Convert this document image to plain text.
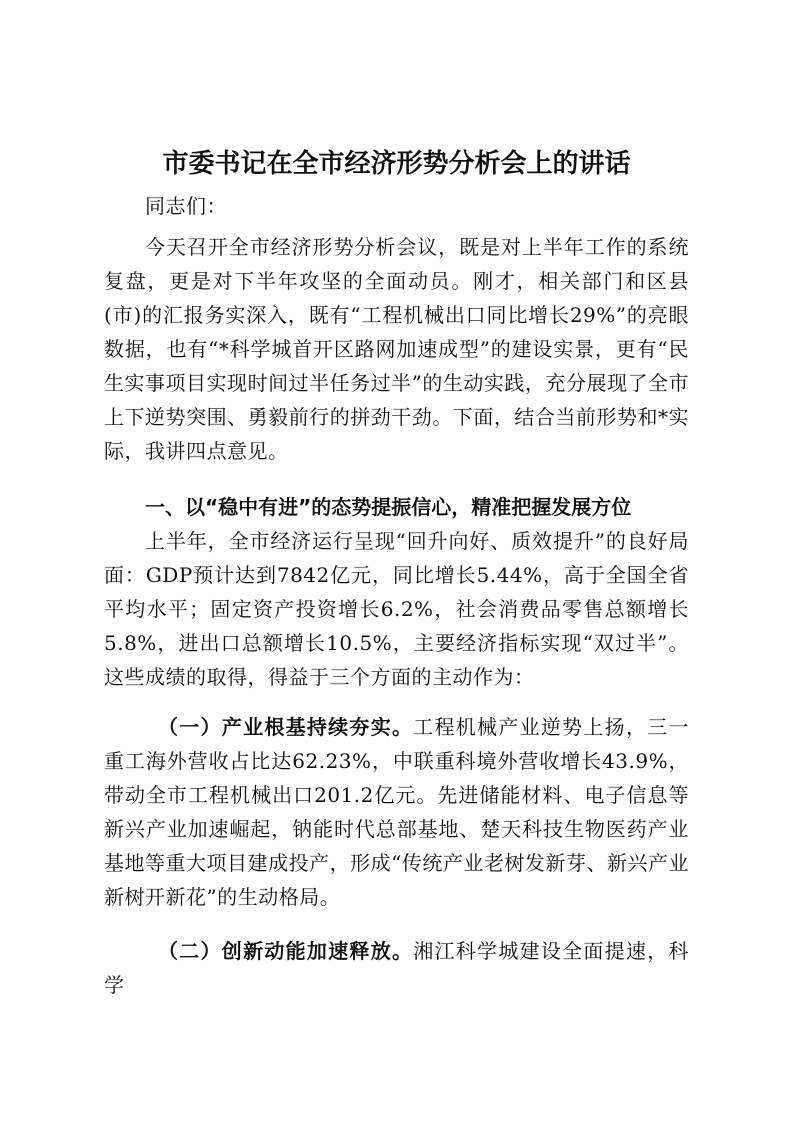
市委书记在全市经济形势分析会上的讲话
同志们：
今天召开全市经济形势分析会议，既是对上半年工作的系统复盘，更是对下半年攻坚的全面动员。刚才，相关部门和区县(市)的汇报务实深入，既有“工程机械出口同比增长29%”的亮眼数据，也有“*科学城首开区路网加速成型”的建设实景，更有“民生实事项目实现时间过半任务过半”的生动实践，充分展现了全市上下逆势突围、勇毅前行的拼劲干劲。下面，结合当前形势和*实际，我讲四点意见。
一、以“稳中有进”的态势提振信心，精准把握发展方位
上半年，全市经济运行呈现“回升向好、质效提升”的良好局面：GDP预计达到7842亿元，同比增长5.44%，高于全国全省平均水平；固定资产投资增长6.2%，社会消费品零售总额增长5.8%，进出口总额增长10.5%，主要经济指标实现“双过半”。这些成绩的取得，得益于三个方面的主动作为：
（一）产业根基持续夯实。工程机械产业逆势上扬，三一重工海外营收占比达62.23%，中联重科境外营收增长43.9%，带动全市工程机械出口201.2亿元。先进储能材料、电子信息等新兴产业加速崛起，钠能时代总部基地、楚天科技生物医药产业基地等重大项目建成投产，形成“传统产业老树发新芽、新兴产业新树开新花”的生动格局。
（二）创新动能加速释放。湘江科学城建设全面提速，科学
